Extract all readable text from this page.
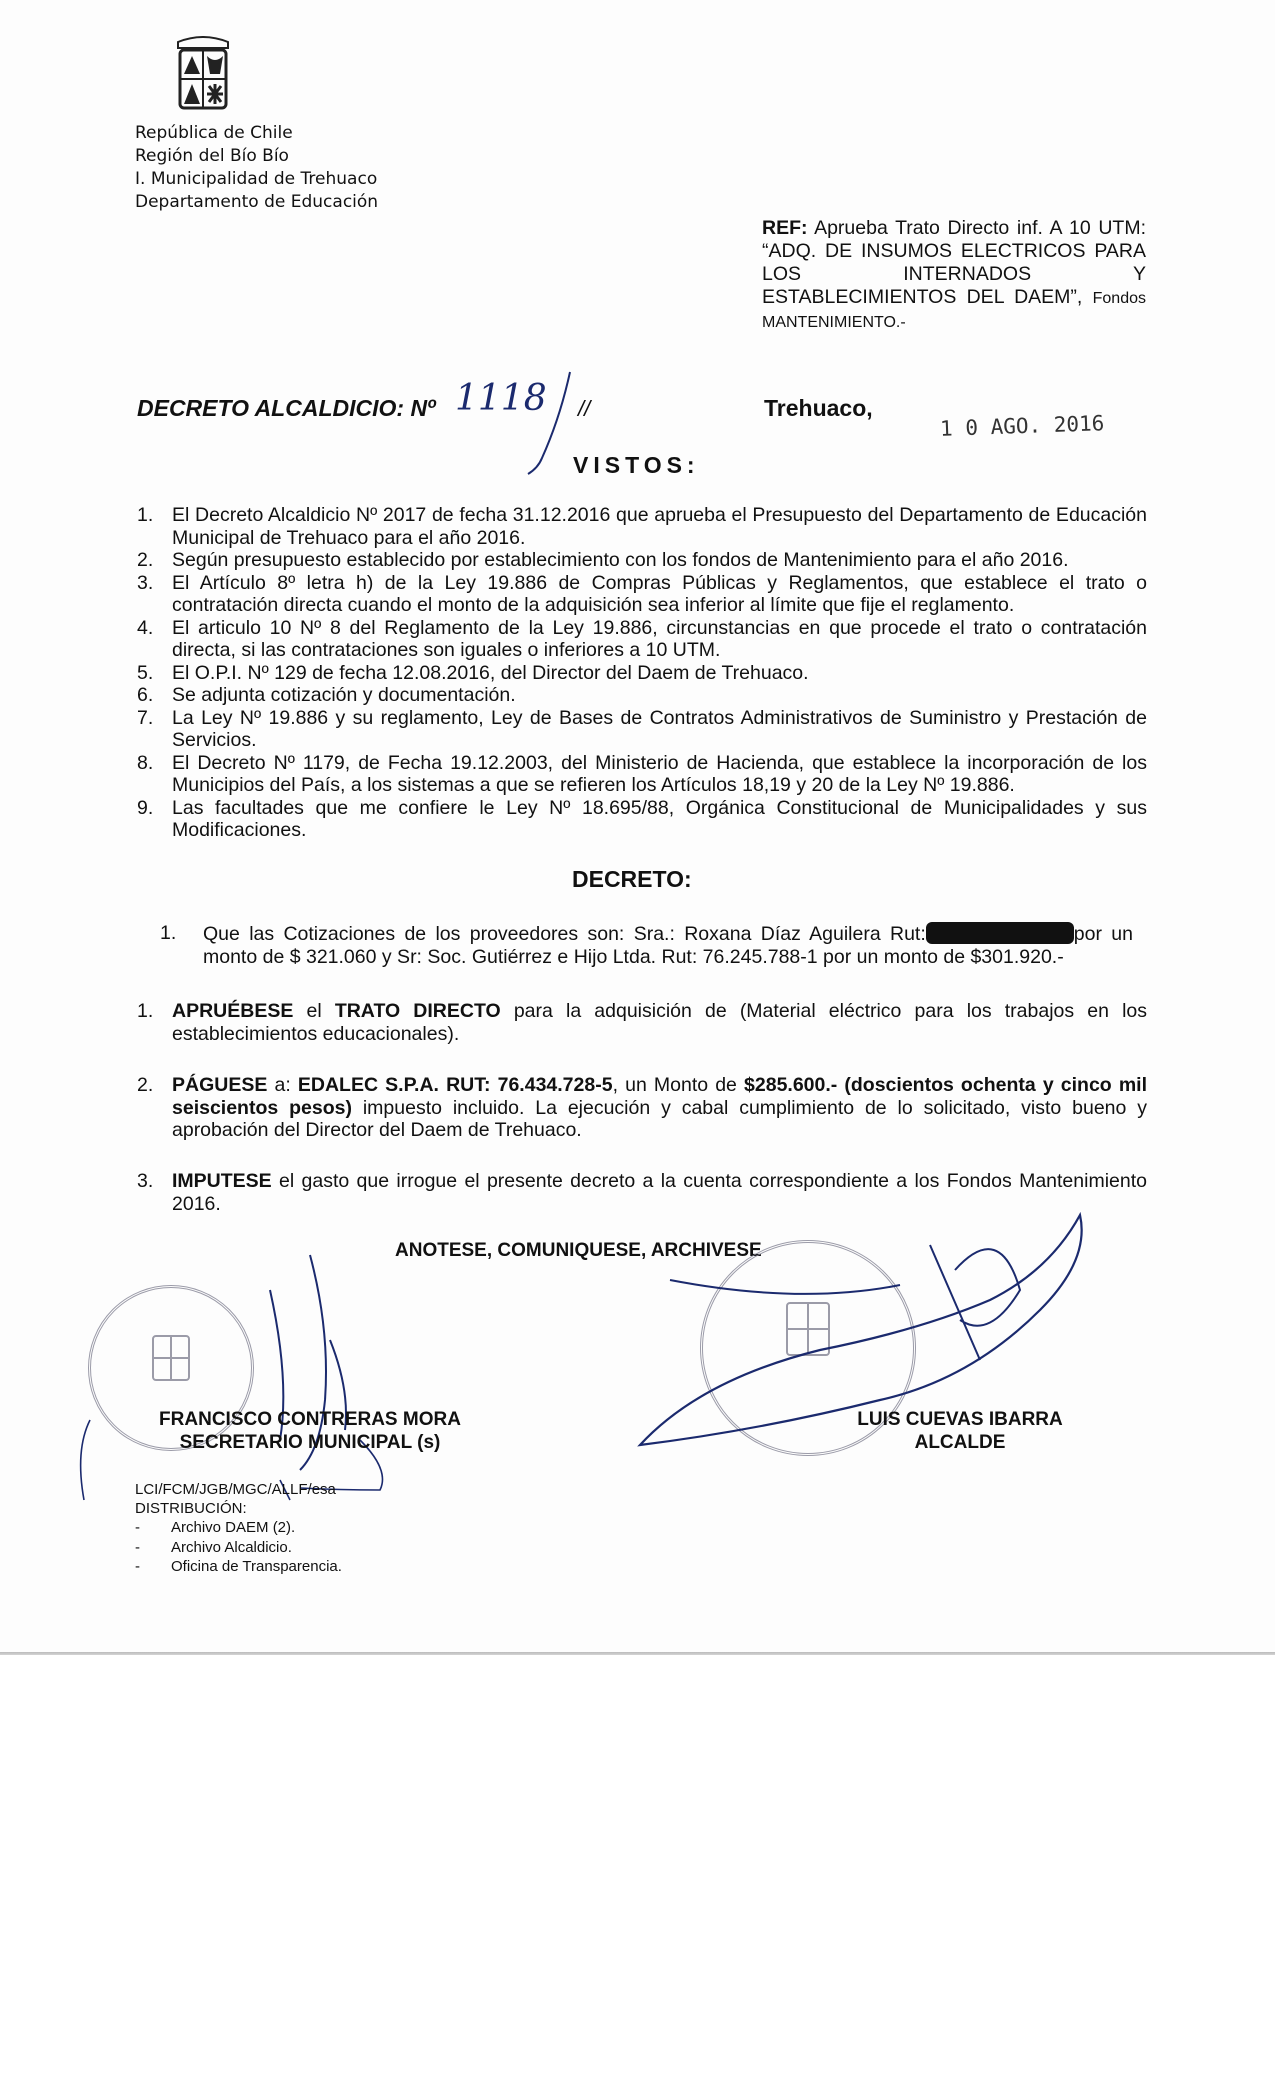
República de Chile
Región del Bío Bío
I. Municipalidad de Trehuaco
Departamento de Educación
REF: Aprueba Trato Directo inf. A 10 UTM: “ADQ. DE INSUMOS ELECTRICOS PARA LOS INTERNADOS Y ESTABLECIMIENTOS DEL DAEM”, Fondos MANTENIMIENTO.-
DECRETO ALCALDICIO: Nº 1118 //	Trehuaco,
1 0 AGO. 2016
VISTOS:
1. El Decreto Alcaldicio Nº 2017 de fecha 31.12.2016 que aprueba el Presupuesto del Departamento de Educación Municipal de Trehuaco para el año 2016.
2. Según presupuesto establecido por establecimiento con los fondos de Mantenimiento para el año 2016.
3. El Artículo 8º letra h) de la Ley 19.886 de Compras Públicas y Reglamentos, que establece el trato o contratación directa cuando el monto de la adquisición sea inferior al límite que fije el reglamento.
4. El articulo 10 Nº 8 del Reglamento de la Ley 19.886, circunstancias en que procede el trato o contratación directa, si las contrataciones son iguales o inferiores a 10 UTM.
5. El O.P.I. Nº 129 de fecha 12.08.2016, del Director del Daem de Trehuaco.
6. Se adjunta cotización y documentación.
7. La Ley Nº 19.886 y su reglamento, Ley de Bases de Contratos Administrativos de Suministro y Prestación de Servicios.
8. El Decreto Nº 1179, de Fecha 19.12.2003, del Ministerio de Hacienda, que establece la incorporación de los Municipios del País, a los sistemas a que se refieren los Artículos 18,19 y 20 de la Ley Nº 19.886.
9. Las facultades que me confiere le Ley Nº 18.695/88, Orgánica Constitucional de Municipalidades y sus Modificaciones.
DECRETO:
1. Que las Cotizaciones de los proveedores son: Sra.: Roxana Díaz Aguilera Rut:	por un monto de $ 321.060 y Sr: Soc. Gutiérrez e Hijo Ltda. Rut: 76.245.788-1 por un monto de $301.920.-
1. APRUÉBESE el TRATO DIRECTO para la adquisición de (Material eléctrico para los trabajos en los establecimientos educacionales).
2. PÁGUESE a: EDALEC S.P.A. RUT: 76.434.728-5, un Monto de $285.600.- (doscientos ochenta y cinco mil seiscientos pesos) impuesto incluido. La ejecución y cabal cumplimiento de lo solicitado, visto bueno y aprobación del Director del Daem de Trehuaco.
3. IMPUTESE el gasto que irrogue el presente decreto a la cuenta correspondiente a los Fondos Mantenimiento 2016.
ANOTESE, COMUNIQUESE, ARCHIVESE
FRANCISCO CONTRERAS MORA
SECRETARIO MUNICIPAL (s)
LUIS CUEVAS IBARRA
ALCALDE
LCI/FCM/JGB/MGC/ALLF/esa
DISTRIBUCIÓN:
- Archivo DAEM (2).
- Archivo Alcaldicio.
- Oficina de Transparencia.
